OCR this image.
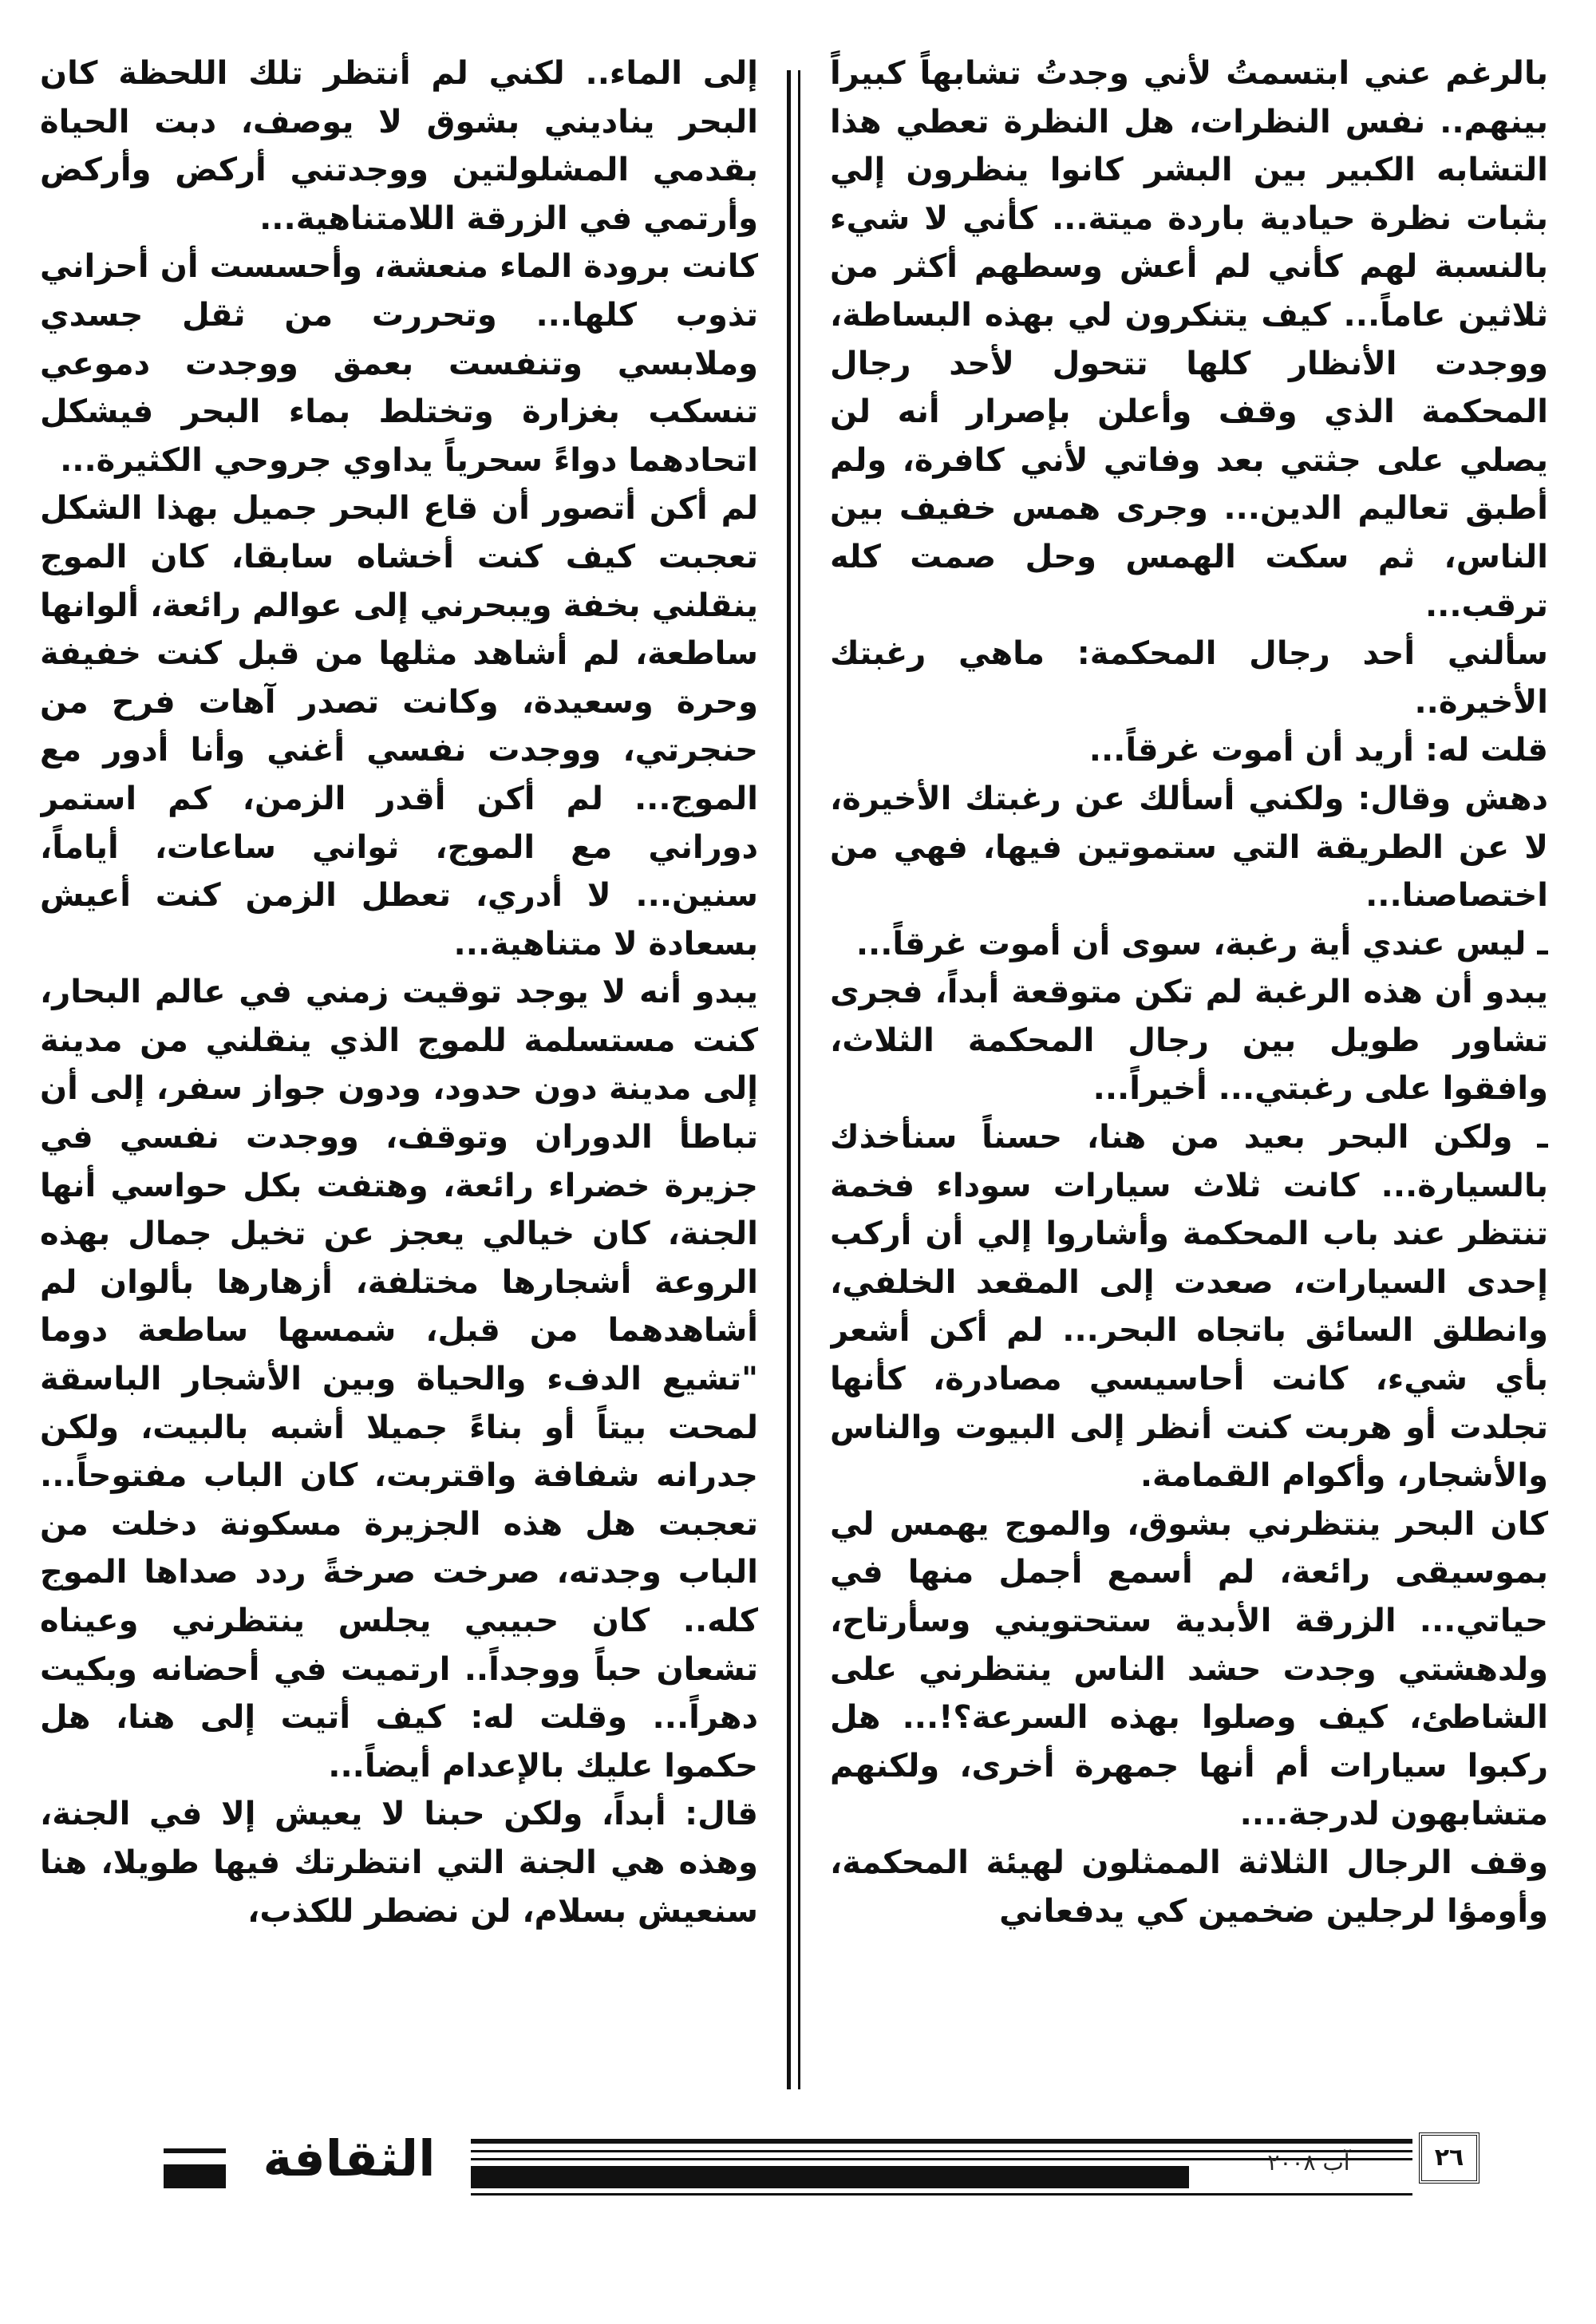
بالرغم عني ابتسمتُ لأني وجدتُ تشابهاً كبيراً بينهم.. نفس النظرات، هل النظرة تعطي هذا التشابه الكبير بين البشر كانوا ينظرون إلي بثبات نظرة حيادية باردة ميتة... كأني لا شيء بالنسبة لهم كأني لم أعش وسطهم أكثر من ثلاثين عاماً... كيف يتنكرون لي بهذه البساطة، ووجدت الأنظار كلها تتحول لأحد رجال المحكمة الذي وقف وأعلن بإصرار أنه لن يصلي على جثتي بعد وفاتي لأني كافرة، ولم أطبق تعاليم الدين... وجرى همس خفيف بين الناس، ثم سكت الهمس وحل صمت كله ترقب...

سألني أحد رجال المحكمة: ماهي رغبتك الأخيرة..

قلت له: أريد أن أموت غرقاً...

دهش وقال: ولكني أسألك عن رغبتك الأخيرة، لا عن الطريقة التي ستموتين فيها، فهي من اختصاصنا...

ـ ليس عندي أية رغبة، سوى أن أموت غرقاً...

يبدو أن هذه الرغبة لم تكن متوقعة أبداً، فجرى تشاور طويل بين رجال المحكمة الثلاث، وافقوا على رغبتي... أخيراً...

ـ ولكن البحر بعيد من هنا، حسناً سنأخذك بالسيارة... كانت ثلاث سيارات سوداء فخمة تنتظر عند باب المحكمة وأشاروا إلي أن أركب إحدى السيارات، صعدت إلى المقعد الخلفي، وانطلق السائق باتجاه البحر... لم أكن أشعر بأي شيء، كانت أحاسيسي مصادرة، كأنها تجلدت أو هربت كنت أنظر إلى البيوت والناس والأشجار، وأكوام القمامة.

كان البحر ينتظرني بشوق، والموج يهمس لي بموسيقى رائعة، لم أسمع أجمل منها في حياتي... الزرقة الأبدية ستحتويني وسأرتاح، ولدهشتي وجدت حشد الناس ينتظرني على الشاطئ، كيف وصلوا بهذه السرعة؟!... هل ركبوا سيارات أم أنها جمهرة أخرى، ولكنهم متشابهون لدرجة....

وقف الرجال الثلاثة الممثلون لهيئة المحكمة، وأومؤا لرجلين ضخمين كي يدفعاني

إلى الماء.. لكني لم أنتظر تلك اللحظة كان البحر يناديني بشوق لا يوصف، دبت الحياة بقدمي المشلولتين ووجدتني أركض وأركض وأرتمي في الزرقة اللامتناهية...

كانت برودة الماء منعشة، وأحسست أن أحزاني تذوب كلها... وتحررت من ثقل جسدي وملابسي وتنفست بعمق ووجدت دموعي تنسكب بغزارة وتختلط بماء البحر فيشكل اتحادهما دواءً سحرياً يداوي جروحي الكثيرة...

لم أكن أتصور أن قاع البحر جميل بهذا الشكل تعجبت كيف كنت أخشاه سابقا، كان الموج ينقلني بخفة ويبحرني إلى عوالم رائعة، ألوانها ساطعة، لم أشاهد مثلها من قبل كنت خفيفة وحرة وسعيدة، وكانت تصدر آهات فرح من حنجرتي، ووجدت نفسي أغني وأنا أدور مع الموج... لم أكن أقدر الزمن، كم استمر دوراني مع الموج، ثواني ساعات، أياماً، سنين... لا أدري، تعطل الزمن كنت أعيش بسعادة لا متناهية...

يبدو أنه لا يوجد توقيت زمني في عالم البحار، كنت مستسلمة للموج الذي ينقلني من مدينة إلى مدينة دون حدود، ودون جواز سفر، إلى أن تباطأ الدوران وتوقف، ووجدت نفسي في جزيرة خضراء رائعة، وهتفت بكل حواسي أنها الجنة، كان خيالي يعجز عن تخيل جمال بهذه الروعة أشجارها مختلفة، أزهارها بألوان لم أشاهدهما من قبل، شمسها ساطعة دوما "تشيع الدفء والحياة وبين الأشجار الباسقة لمحت بيتاً أو بناءً جميلا أشبه بالبيت، ولكن جدرانه شفافة واقتربت، كان الباب مفتوحاً... تعجبت هل هذه الجزيرة مسكونة دخلت من الباب وجدته، صرخت صرخةً ردد صداها الموج كله.. كان حبيبي يجلس ينتظرني وعيناه تشعان حباً ووجداً.. ارتميت في أحضانه وبكيت دهراً... وقلت له: كيف أتيت إلى هنا، هل حكموا عليك بالإعدام أيضاً...

قال: أبداً، ولكن حبنا لا يعيش إلا في الجنة، وهذه هي الجنة التي انتظرتك فيها طويلا، هنا سنعيش بسلام، لن نضطر للكذب،

الثقافة	آب ٢٠٠٨	٢٦
